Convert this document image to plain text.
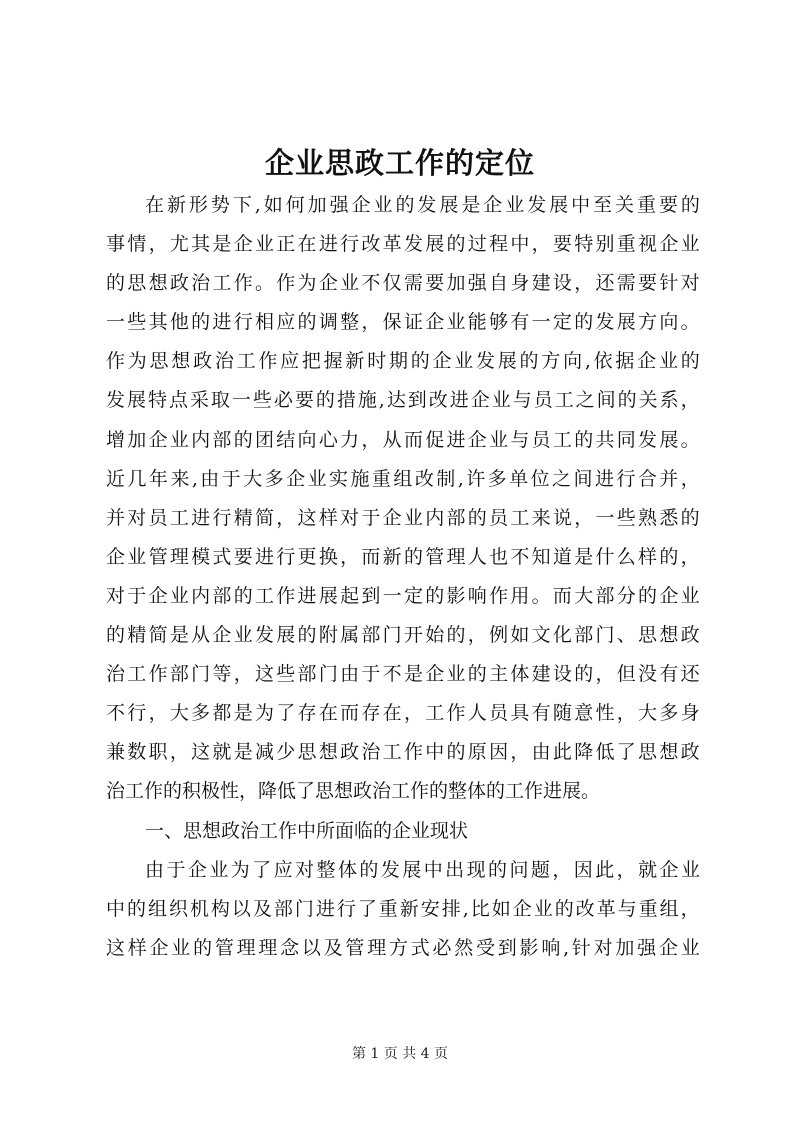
企业思政工作的定位
在 新 形 势 下 , 如 何 加 强 企 业 的 发 展 是 企 业 发 展 中 至 关 重 要 的
事 情 ， 尤 其 是 企 业 正 在 进 行 改 革 发 展 的 过 程 中 ， 要 特 别 重 视 企 业
的 思 想 政 治 工 作 。 作 为 企 业 不 仅 需 要 加 强 自 身 建 设 ， 还 需 要 针 对
一 些 其 他 的 进 行 相 应 的 调 整 ， 保 证 企 业 能 够 有 一 定 的 发 展 方 向 。
作 为 思 想 政 治 工 作 应 把 握 新 时 期 的 企 业 发 展 的 方 向 , 依 据 企 业 的
发 展 特 点 采 取 一 些 必 要 的 措 施 , 达 到 改 进 企 业 与 员 工 之 间 的 关 系 ，
增 加 企 业 内 部 的 团 结 向 心 力 ， 从 而 促 进 企 业 与 员 工 的 共 同 发 展 。
近 几 年 来 , 由 于 大 多 企 业 实 施 重 组 改 制 , 许 多 单 位 之 间 进 行 合 并 ，
并 对 员 工 进 行 精 简 ， 这 样 对 于 企 业 内 部 的 员 工 来 说 ， 一 些 熟 悉 的
企 业 管 理 模 式 要 进 行 更 换 ， 而 新 的 管 理 人 也 不 知 道 是 什 么 样 的 ，
对 于 企 业 内 部 的 工 作 进 展 起 到 一 定 的 影 响 作 用 。 而 大 部 分 的 企 业
的 精 简 是 从 企 业 发 展 的 附 属 部 门 开 始 的 ， 例 如 文 化 部 门 、 思 想 政
治 工 作 部 门 等 ， 这 些 部 门 由 于 不 是 企 业 的 主 体 建 设 的 ， 但 没 有 还
不 行 ， 大 多 都 是 为 了 存 在 而 存 在 ， 工 作 人 员 具 有 随 意 性 ， 大 多 身
兼 数 职 ， 这 就 是 减 少 思 想 政 治 工 作 中 的 原 因 ， 由 此 降 低 了 思 想 政
治工作的积极性，降低了思想政治工作的整体的工作进展。
一、思想政治工作中所面临的企业现状
由 于 企 业 为 了 应 对 整 体 的 发 展 中 出 现 的 问 题 ， 因 此 ， 就 企 业
中 的 组 织 机 构 以 及 部 门 进 行 了 重 新 安 排 , 比 如 企 业 的 改 革 与 重 组 ，
这 样 企 业 的 管 理 理 念 以 及 管 理 方 式 必 然 受 到 影 响 , 针 对 加 强 企 业
第 1 页 共 4 页
